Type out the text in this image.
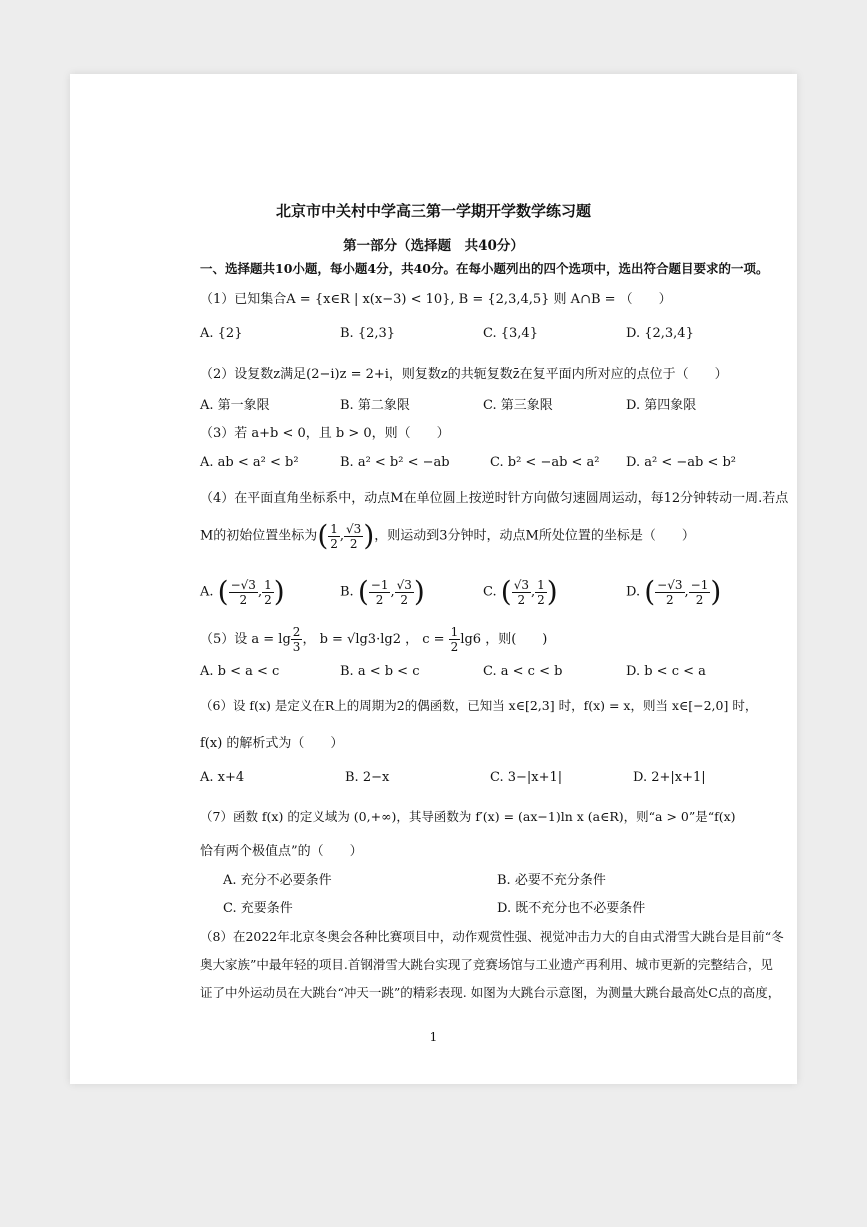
北京市中关村中学高三第一学期开学数学练习题
第一部分（选择题　共40分）
一、选择题共10小题，每小题4分，共40分。在每小题列出的四个选项中，选出符合题目要求的一项。
（1）已知集合A = {x∈R | x(x−3) < 10}, B = {2,3,4,5} 则 A∩B = （　　）
A. {2}	B. {2,3}	C. {3,4}	D. {2,3,4}
（2）设复数z满足(2−i)z = 2+i，则复数z的共轭复数z̄在复平面内所对应的点位于（　　）
A. 第一象限	B. 第二象限	C. 第三象限	D. 第四象限
（3）若 a+b < 0，且 b > 0，则（　　）
A. ab < a² < b²	B. a² < b² < −ab	C. b² < −ab < a² D. a² < −ab < b²
（4）在平面直角坐标系中，动点M在单位圆上按逆时针方向做匀速圆周运动，每12分钟转动一周.若点
M的初始位置坐标为( $\frac{1}{2}$ , $\frac{√3}{2}$ )，则运动到3分钟时，动点M所处位置的坐标是（　　）
A. ( $\frac{-√3}{2}$ , $\frac{1}{2}$ )	B. ( $\frac{-1}{2}$ , $\frac{√3}{2}$ )	C. ( $\frac{√3}{2}$ , $\frac{1}{2}$ )	D. ( $\frac{-√3}{2}$ , $\frac{-1}{2}$ )
（5）设 $a = \lg \frac{2}{3}$ ， b = √lg3·lg2 ， $c = \frac{1}{2} \lg 6$ ，则(　　)
A. b < a < c	B. a < b < c	C. a < c < b	D. b < c < a
（6）设 f(x) 是定义在R上的周期为2的偶函数，已知当 x∈[2,3] 时，f(x) = x，则当 x∈[−2,0] 时，
f(x) 的解析式为（　　）
A. x+4	B. 2−x	C. 3−|x+1|	D. 2+|x+1|
（7）函数 f(x) 的定义域为 (0,+∞)，其导函数为 f′(x) = (ax−1)ln x (a∈R)，则“a > 0”是“f(x)
恰有两个极值点”的（　　）
A. 充分不必要条件	B. 必要不充分条件
C. 充要条件	D. 既不充分也不必要条件
（8）在2022年北京冬奥会各种比赛项目中，动作观赏性强、视觉冲击力大的自由式滑雪大跳台是目前“冬
奥大家族”中最年轻的项目.首钢滑雪大跳台实现了竞赛场馆与工业遗产再利用、城市更新的完整结合，见
证了中外运动员在大跳台“冲天一跳”的精彩表现. 如图为大跳台示意图，为测量大跳台最高处C点的高度，
1
